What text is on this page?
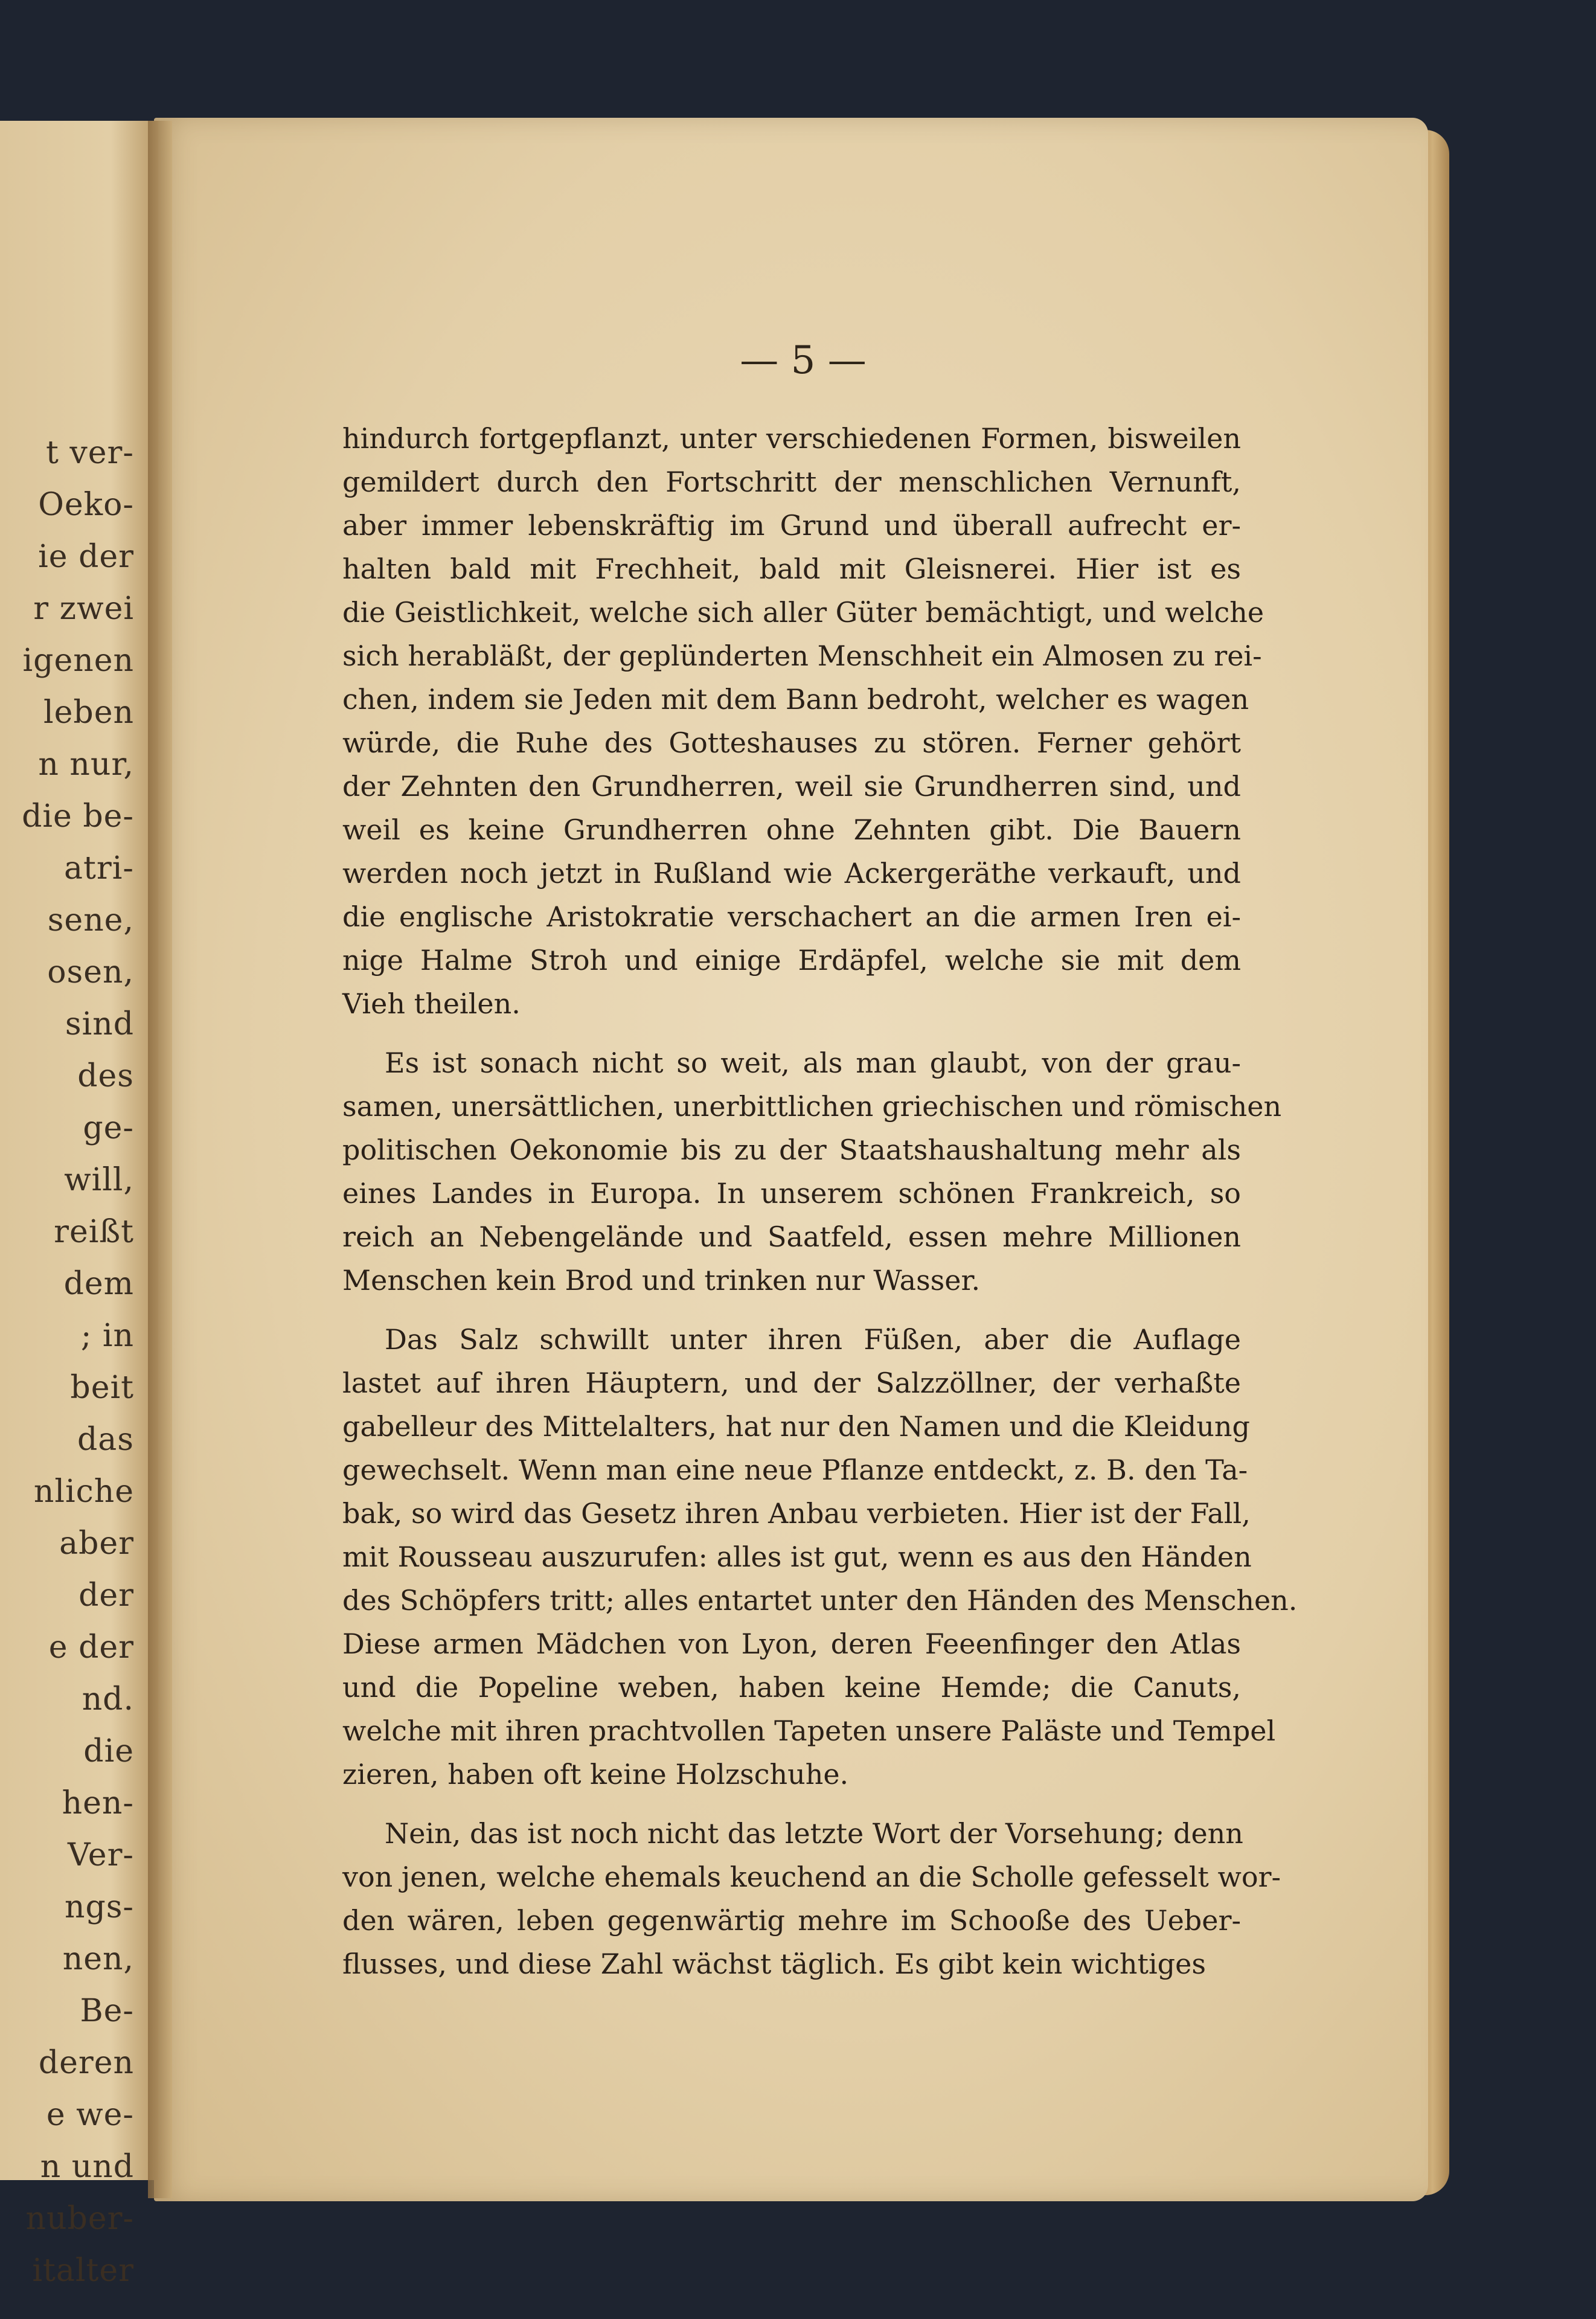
t ver-
Oeko-
ie der
r zwei
igenen
leben
n nur,
die be-
atri-
sene,
osen,
sind
des
ge-
will,
reißt
dem
; in
beit
das
nliche
aber
der
e der
nd.
die
hen-
Ver-
ngs-
nen,
Be-
deren
e we-
n und
nuber-
italter
— 5 —
hindurch fortgepflanzt, unter verschiedenen Formen, bisweilen
gemildert durch den Fortschritt der menschlichen Vernunft,
aber immer lebenskräftig im Grund und überall aufrecht er-
halten bald mit Frechheit, bald mit Gleisnerei. Hier ist es
die Geistlichkeit, welche sich aller Güter bemächtigt, und welche
sich herabläßt, der geplünderten Menschheit ein Almosen zu rei-
chen, indem sie Jeden mit dem Bann bedroht, welcher es wagen
würde, die Ruhe des Gotteshauses zu stören. Ferner gehört
der Zehnten den Grundherren, weil sie Grundherren sind, und
weil es keine Grundherren ohne Zehnten gibt. Die Bauern
werden noch jetzt in Rußland wie Ackergeräthe verkauft, und
die englische Aristokratie verschachert an die armen Iren ei-
nige Halme Stroh und einige Erdäpfel, welche sie mit dem
Vieh theilen.
Es ist sonach nicht so weit, als man glaubt, von der grau-
samen, unersättlichen, unerbittlichen griechischen und römischen
politischen Oekonomie bis zu der Staatshaushaltung mehr als
eines Landes in Europa. In unserem schönen Frankreich, so
reich an Nebengelände und Saatfeld, essen mehre Millionen
Menschen kein Brod und trinken nur Wasser.
Das Salz schwillt unter ihren Füßen, aber die Auflage
lastet auf ihren Häuptern, und der Salzzöllner, der verhaßte
gabelleur des Mittelalters, hat nur den Namen und die Kleidung
gewechselt. Wenn man eine neue Pflanze entdeckt, z. B. den Ta-
bak, so wird das Gesetz ihren Anbau verbieten. Hier ist der Fall,
mit Rousseau auszurufen: alles ist gut, wenn es aus den Händen
des Schöpfers tritt; alles entartet unter den Händen des Menschen.
Diese armen Mädchen von Lyon, deren Feeenfinger den Atlas
und die Popeline weben, haben keine Hemde; die Canuts,
welche mit ihren prachtvollen Tapeten unsere Paläste und Tempel
zieren, haben oft keine Holzschuhe.
Nein, das ist noch nicht das letzte Wort der Vorsehung; denn
von jenen, welche ehemals keuchend an die Scholle gefesselt wor-
den wären, leben gegenwärtig mehre im Schooße des Ueber-
flusses, und diese Zahl wächst täglich. Es gibt kein wichtiges
